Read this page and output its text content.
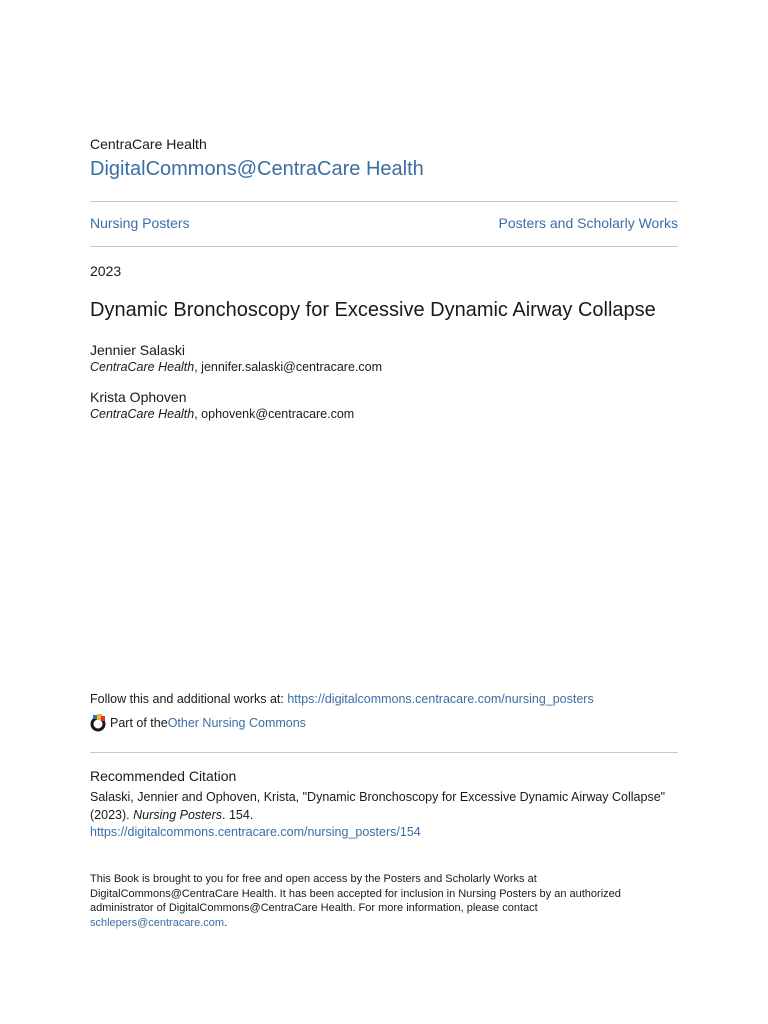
CentraCare Health
DigitalCommons@CentraCare Health
Nursing Posters	Posters and Scholarly Works
2023
Dynamic Bronchoscopy for Excessive Dynamic Airway Collapse
Jennier Salaski
CentraCare Health, jennifer.salaski@centracare.com
Krista Ophoven
CentraCare Health, ophovenk@centracare.com
Follow this and additional works at: https://digitalcommons.centracare.com/nursing_posters
Part of the Other Nursing Commons
Recommended Citation
Salaski, Jennier and Ophoven, Krista, "Dynamic Bronchoscopy for Excessive Dynamic Airway Collapse" (2023). Nursing Posters. 154.
https://digitalcommons.centracare.com/nursing_posters/154
This Book is brought to you for free and open access by the Posters and Scholarly Works at DigitalCommons@CentraCare Health. It has been accepted for inclusion in Nursing Posters by an authorized administrator of DigitalCommons@CentraCare Health. For more information, please contact
schlepers@centracare.com.
